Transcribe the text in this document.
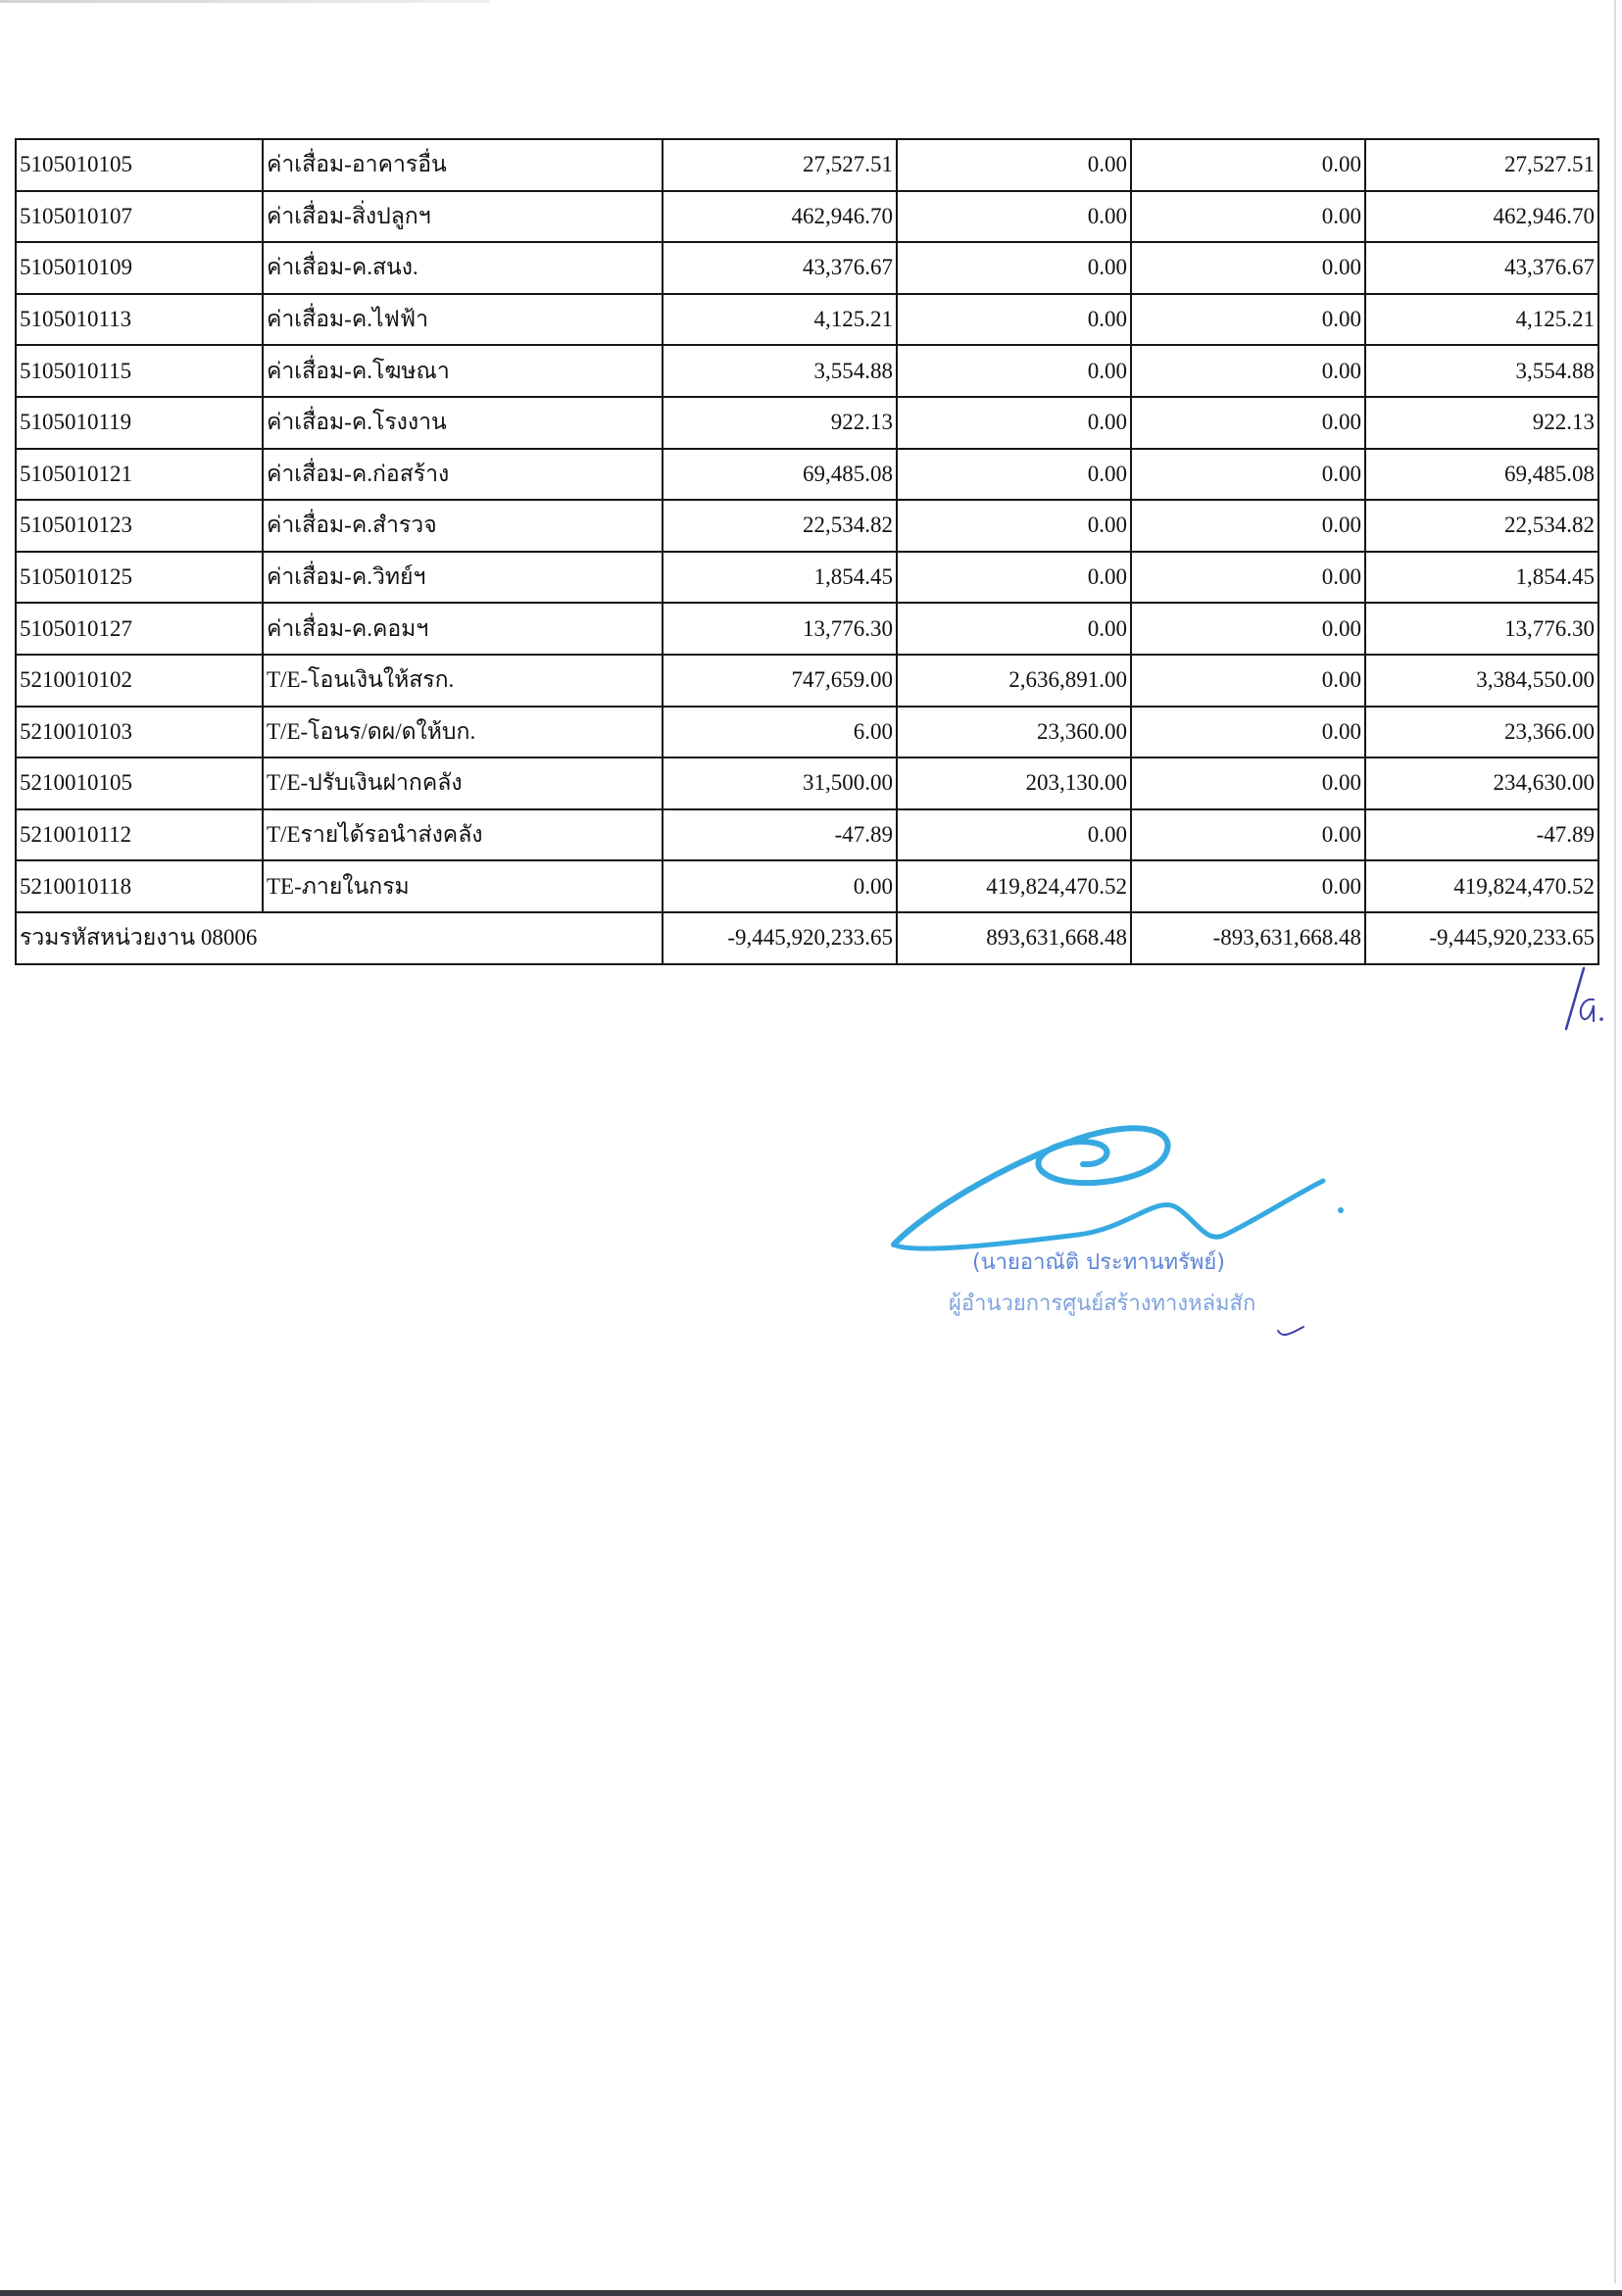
5105010105	ค่าเสื่อม-อาคารอื่น	27,527.51	0.00	0.00	27,527.51
5105010107	ค่าเสื่อม-สิ่งปลูกฯ	462,946.70	0.00	0.00	462,946.70
5105010109	ค่าเสื่อม-ค.สนง.	43,376.67	0.00	0.00	43,376.67
5105010113	ค่าเสื่อม-ค.ไฟฟ้า	4,125.21	0.00	0.00	4,125.21
5105010115	ค่าเสื่อม-ค.โฆษณา	3,554.88	0.00	0.00	3,554.88
5105010119	ค่าเสื่อม-ค.โรงงาน	922.13	0.00	0.00	922.13
5105010121	ค่าเสื่อม-ค.ก่อสร้าง	69,485.08	0.00	0.00	69,485.08
5105010123	ค่าเสื่อม-ค.สำรวจ	22,534.82	0.00	0.00	22,534.82
5105010125	ค่าเสื่อม-ค.วิทย์ฯ	1,854.45	0.00	0.00	1,854.45
5105010127	ค่าเสื่อม-ค.คอมฯ	13,776.30	0.00	0.00	13,776.30
5210010102	T/E-โอนเงินให้สรก.	747,659.00	2,636,891.00	0.00	3,384,550.00
5210010103	T/E-โอนร/ดผ/ดให้บก.	6.00	23,360.00	0.00	23,366.00
5210010105	T/E-ปรับเงินฝากคลัง	31,500.00	203,130.00	0.00	234,630.00
5210010112	T/Eรายได้รอนำส่งคลัง	-47.89	0.00	0.00	-47.89
5210010118	TE-ภายในกรม	0.00	419,824,470.52	0.00	419,824,470.52
รวมรหัสหน่วยงาน 08006		-9,445,920,233.65	893,631,668.48	-893,631,668.48	-9,445,920,233.65
(นายอาณัติ ประทานทรัพย์)
ผู้อำนวยการศูนย์สร้างทางหล่มสัก
